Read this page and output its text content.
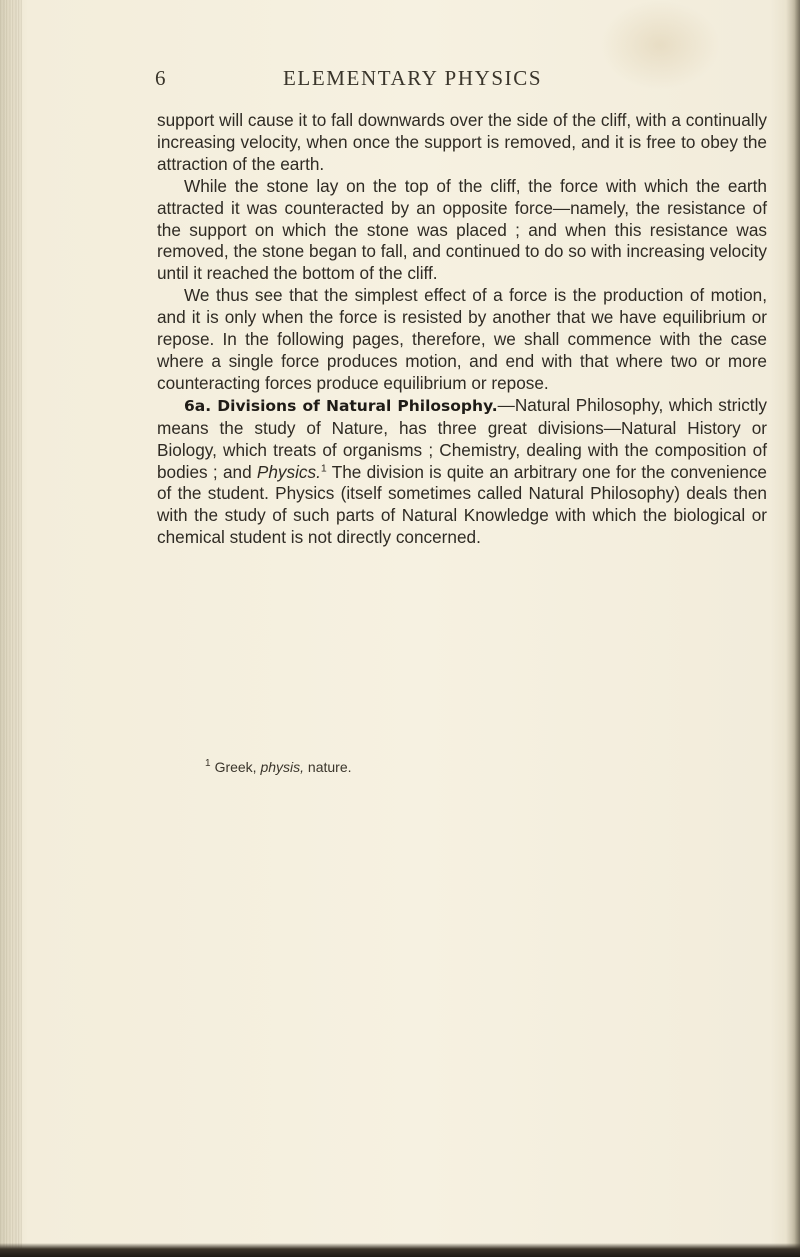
6	ELEMENTARY PHYSICS

support will cause it to fall downwards over the side of the cliff, with a continually increasing velocity, when once the support is removed, and it is free to obey the attraction of the earth.

While the stone lay on the top of the cliff, the force with which the earth attracted it was counteracted by an opposite force—namely, the resistance of the support on which the stone was placed ; and when this resistance was removed, the stone began to fall, and continued to do so with increasing velocity until it reached the bottom of the cliff.

We thus see that the simplest effect of a force is the production of motion, and it is only when the force is resisted by another that we have equilibrium or repose. In the following pages, therefore, we shall commence with the case where a single force produces motion, and end with that where two or more counteracting forces produce equilibrium or repose.

6a. Divisions of Natural Philosophy.—Natural Philosophy, which strictly means the study of Nature, has three great divisions—Natural History or Biology, which treats of organisms ; Chemistry, dealing with the composition of bodies ; and Physics.$^1$ The division is quite an arbitrary one for the convenience of the student. Physics (itself sometimes called Natural Philosophy) deals then with the study of such parts of Natural Knowledge with which the biological or chemical student is not directly concerned.

$^1$ Greek, physis, nature.
